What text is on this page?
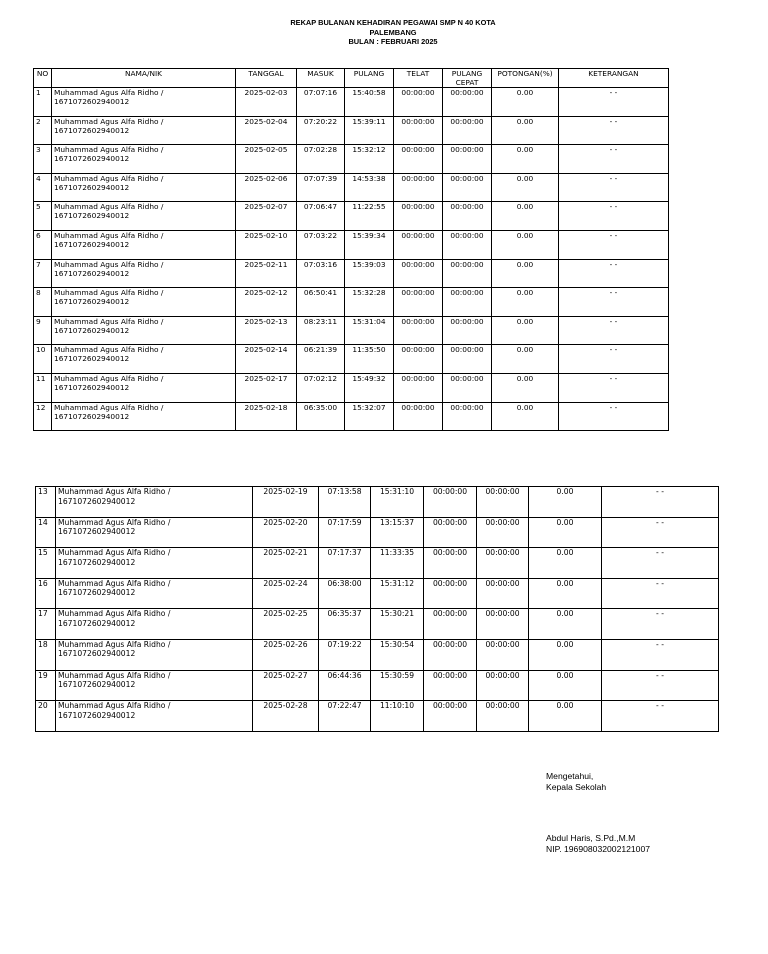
REKAP BULANAN KEHADIRAN PEGAWAI SMP N 40 KOTA
PALEMBANG
BULAN : FEBRUARI 2025
NO	NAMA/NIK	TANGGAL	MASUK	PULANG	TELAT	PULANG CEPAT	POTONGAN(%)	KETERANGAN
1	Muhammad Agus Alfa Ridho /
1671072602940012	2025-02-03	07:07:16	15:40:58	00:00:00	00:00:00	0.00	- -
2	Muhammad Agus Alfa Ridho /
1671072602940012	2025-02-04	07:20:22	15:39:11	00:00:00	00:00:00	0.00	- -
3	Muhammad Agus Alfa Ridho /
1671072602940012	2025-02-05	07:02:28	15:32:12	00:00:00	00:00:00	0.00	- -
4	Muhammad Agus Alfa Ridho /
1671072602940012	2025-02-06	07:07:39	14:53:38	00:00:00	00:00:00	0.00	- -
5	Muhammad Agus Alfa Ridho /
1671072602940012	2025-02-07	07:06:47	11:22:55	00:00:00	00:00:00	0.00	- -
6	Muhammad Agus Alfa Ridho /
1671072602940012	2025-02-10	07:03:22	15:39:34	00:00:00	00:00:00	0.00	- -
7	Muhammad Agus Alfa Ridho /
1671072602940012	2025-02-11	07:03:16	15:39:03	00:00:00	00:00:00	0.00	- -
8	Muhammad Agus Alfa Ridho /
1671072602940012	2025-02-12	06:50:41	15:32:28	00:00:00	00:00:00	0.00	- -
9	Muhammad Agus Alfa Ridho /
1671072602940012	2025-02-13	08:23:11	15:31:04	00:00:00	00:00:00	0.00	- -
10	Muhammad Agus Alfa Ridho /
1671072602940012	2025-02-14	06:21:39	11:35:50	00:00:00	00:00:00	0.00	- -
11	Muhammad Agus Alfa Ridho /
1671072602940012	2025-02-17	07:02:12	15:49:32	00:00:00	00:00:00	0.00	- -
12	Muhammad Agus Alfa Ridho /
1671072602940012	2025-02-18	06:35:00	15:32:07	00:00:00	00:00:00	0.00	- -
13	Muhammad Agus Alfa Ridho /
1671072602940012	2025-02-19	07:13:58	15:31:10	00:00:00	00:00:00	0.00	- -
14	Muhammad Agus Alfa Ridho /
1671072602940012	2025-02-20	07:17:59	13:15:37	00:00:00	00:00:00	0.00	- -
15	Muhammad Agus Alfa Ridho /
1671072602940012	2025-02-21	07:17:37	11:33:35	00:00:00	00:00:00	0.00	- -
16	Muhammad Agus Alfa Ridho /
1671072602940012	2025-02-24	06:38:00	15:31:12	00:00:00	00:00:00	0.00	- -
17	Muhammad Agus Alfa Ridho /
1671072602940012	2025-02-25	06:35:37	15:30:21	00:00:00	00:00:00	0.00	- -
18	Muhammad Agus Alfa Ridho /
1671072602940012	2025-02-26	07:19:22	15:30:54	00:00:00	00:00:00	0.00	- -
19	Muhammad Agus Alfa Ridho /
1671072602940012	2025-02-27	06:44:36	15:30:59	00:00:00	00:00:00	0.00	- -
20	Muhammad Agus Alfa Ridho /
1671072602940012	2025-02-28	07:22:47	11:10:10	00:00:00	00:00:00	0.00	- -
Mengetahui,
Kepala Sekolah
Abdul Haris, S.Pd.,M.M
NIP. 196908032002121007
